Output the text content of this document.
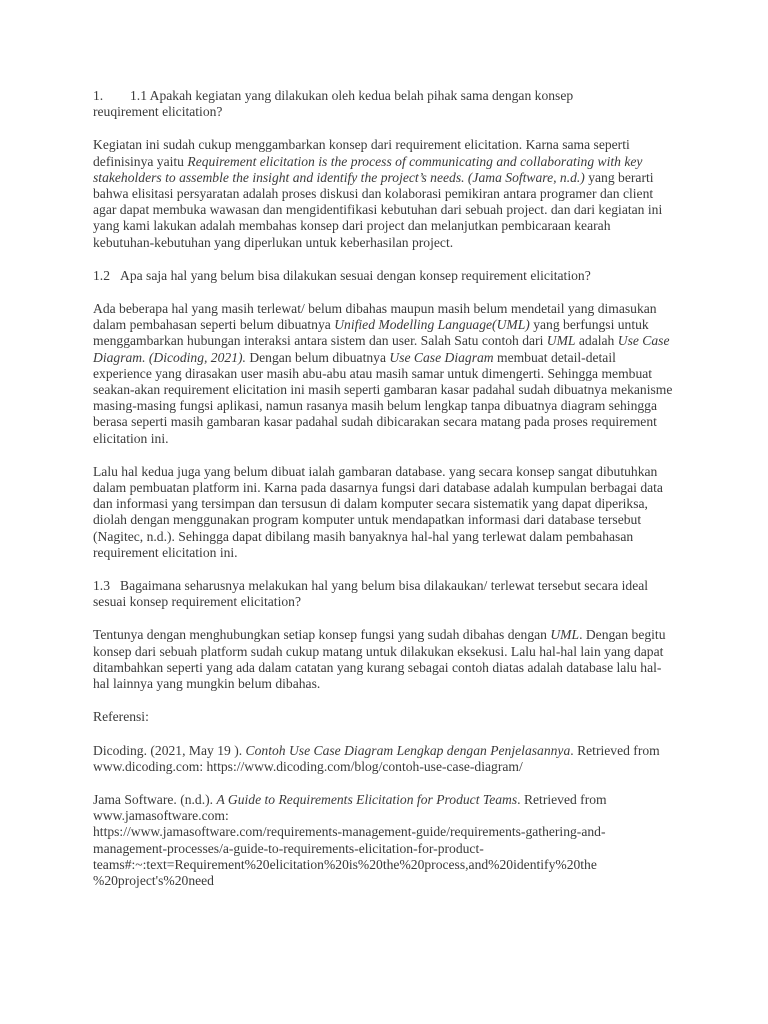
1.	1.1 Apakah kegiatan yang dilakukan oleh kedua belah pihak sama dengan konsep

reuqirement elicitation?

Kegiatan ini sudah cukup menggambarkan konsep dari requirement elicitation. Karna sama seperti definisinya yaitu Requirement elicitation is the process of communicating and collaborating with key stakeholders to assemble the insight and identify the project’s needs. (Jama Software, n.d.) yang berarti bahwa elisitasi persyaratan adalah proses diskusi dan kolaborasi pemikiran antara programer dan client agar dapat membuka wawasan dan mengidentifikasi kebutuhan dari sebuah project. dan dari kegiatan ini yang kami lakukan adalah membahas konsep dari project dan melanjutkan pembicaraan kearah kebutuhan-kebutuhan yang diperlukan untuk keberhasilan project.

1.2 Apa saja hal yang belum bisa dilakukan sesuai dengan konsep requirement elicitation?

Ada beberapa hal yang masih terlewat/ belum dibahas maupun masih belum mendetail yang dimasukan dalam pembahasan seperti belum dibuatnya Unified Modelling Language(UML) yang berfungsi untuk menggambarkan hubungan interaksi antara sistem dan user. Salah Satu contoh dari UML adalah Use Case Diagram. (Dicoding, 2021). Dengan belum dibuatnya Use Case Diagram membuat detail-detail experience yang dirasakan user masih abu-abu atau masih samar untuk dimengerti. Sehingga membuat seakan-akan requirement elicitation ini masih seperti gambaran kasar padahal sudah dibuatnya mekanisme masing-masing fungsi aplikasi, namun rasanya masih belum lengkap tanpa dibuatnya diagram sehingga berasa seperti masih gambaran kasar padahal sudah dibicarakan secara matang pada proses requirement elicitation ini.

Lalu hal kedua juga yang belum dibuat ialah gambaran database. yang secara konsep sangat dibutuhkan dalam pembuatan platform ini. Karna pada dasarnya fungsi dari database adalah kumpulan berbagai data dan informasi yang tersimpan dan tersusun di dalam komputer secara sistematik yang dapat diperiksa, diolah dengan menggunakan program komputer untuk mendapatkan informasi dari database tersebut (Nagitec, n.d.). Sehingga dapat dibilang masih banyaknya hal-hal yang terlewat dalam pembahasan requirement elicitation ini.

1.3 Bagaimana seharusnya melakukan hal yang belum bisa dilakaukan/ terlewat tersebut secara ideal sesuai konsep requirement elicitation?

Tentunya dengan menghubungkan setiap konsep fungsi yang sudah dibahas dengan UML. Dengan begitu konsep dari sebuah platform sudah cukup matang untuk dilakukan eksekusi. Lalu hal-hal lain yang dapat ditambahkan seperti yang ada dalam catatan yang kurang sebagai contoh diatas adalah database lalu hal-hal lainnya yang mungkin belum dibahas.

Referensi:

Dicoding. (2021, May 19 ). Contoh Use Case Diagram Lengkap dengan Penjelasannya. Retrieved from www.dicoding.com: https://www.dicoding.com/blog/contoh-use-case-diagram/

Jama Software. (n.d.). A Guide to Requirements Elicitation for Product Teams. Retrieved from www.jamasoftware.com:
https://www.jamasoftware.com/requirements-management-guide/requirements-gathering-and-
management-processes/a-guide-to-requirements-elicitation-for-product-
teams#:~:text=Requirement%20elicitation%20is%20the%20process,and%20identify%20the
%20project's%20need
